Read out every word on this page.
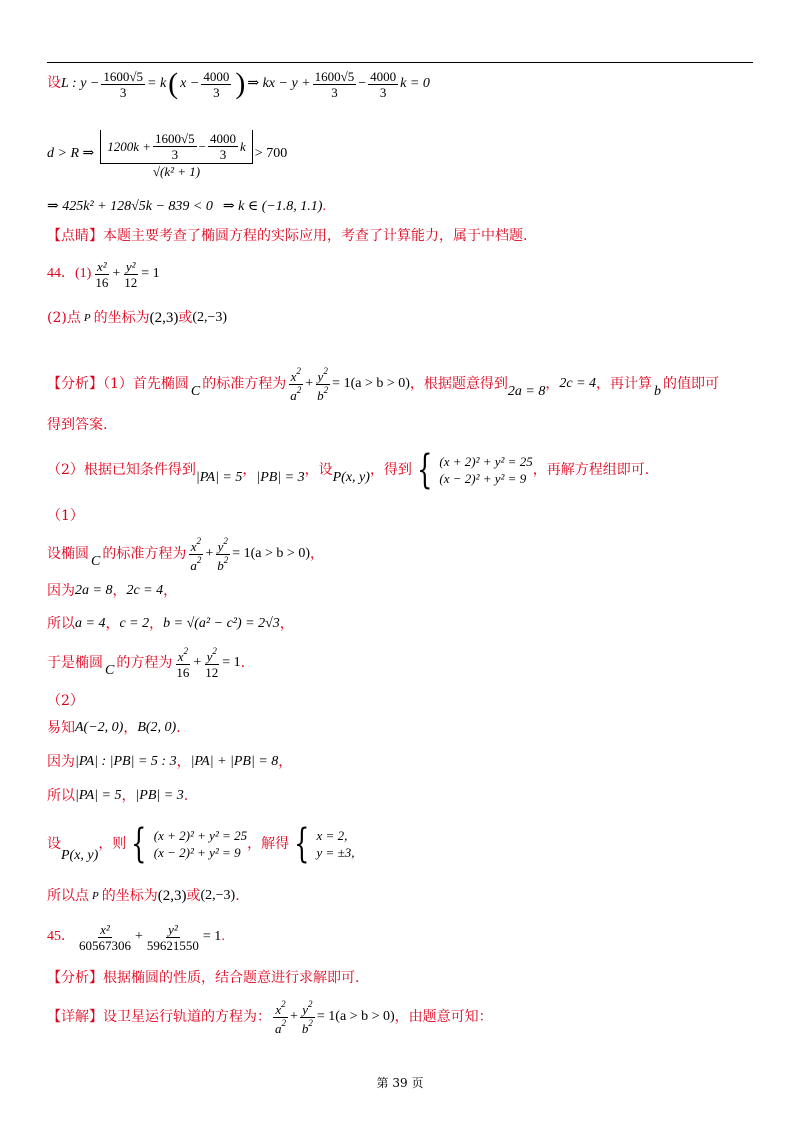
设 L : $y - \frac{1600√5}{3} = k$ ( $x - \frac{4000}{3}$ ) ⇒ kx − $y + \frac{1600√5}{3} - \frac{4000}{3}$ k = 0
d > R ⇒ $\frac{1200k + \frac{1600√5}{3} - \frac{4000}{3} k}{\text{√(k² + 1)}} > 700$
⇒ 425k² + 128√5k − 839 < 0 ⇒ k ∈ (−1.8, 1.1) .
【点睛】本题主要考查了椭圆方程的实际应用，考查了计算能力，属于中档题.
44．$(1) \frac{\text{x²}}{16} + \frac{\text{y²}}{12} = 1$
(2)点 P 的坐标为 (2,3) 或 (2,−3)
【分析】（1）首先椭圆 C 的标准方程为 $\frac{x^2}{a^2} + \frac{y^2}{b^2} = 1(a > b > 0)$ ，根据题意得到 2a = 8 ， 2c = 4 ，再计算 b 的值即可
得到答案.
（2）根据已知条件得到 |PA| = 5 ， |PB| = 3 ，设 P(x, y) ，得到 { (x + 2)² + y² = 25
(x − 2)² + y² = 9
，再解方程组即可.
（1）
设椭圆 C 的标准方程为 $\frac{x^2}{a^2} + \frac{y^2}{b^2} = 1(a > b > 0)$ ，
因为 2a = 8 ， 2c = 4 ，
所以 a = 4 ， c = 2 ， b = √(a² − c²) = 2√3 ，
于是椭圆 C 的方程为 $\frac{x^2}{16} + \frac{y^2}{12} = 1$ .
（2）
易知 A(−2, 0) ， B(2, 0) .
因为 |PA| : |PB| = 5 : 3 ， |PA| + |PB| = 8 ，
所以 |PA| = 5 ， |PB| = 3 .
设
P(x, y)
，则 { (x + 2)² + y² = 25
(x − 2)² + y² = 9
，解得 { x = 2,
y = ±3,
所以点 P 的坐标为 (2,3) 或 (2,−3) .
45． $\frac{\text{x²}}{60567306} + \frac{\text{y²}}{59621550} = 1$ .
【分析】根据椭圆的性质，结合题意进行求解即可.
【详解】设卫星运行轨道的方程为： $\frac{x^2}{a^2} + \frac{y^2}{b^2} = 1(a > b > 0)$ ，由题意可知：
第 39 页
